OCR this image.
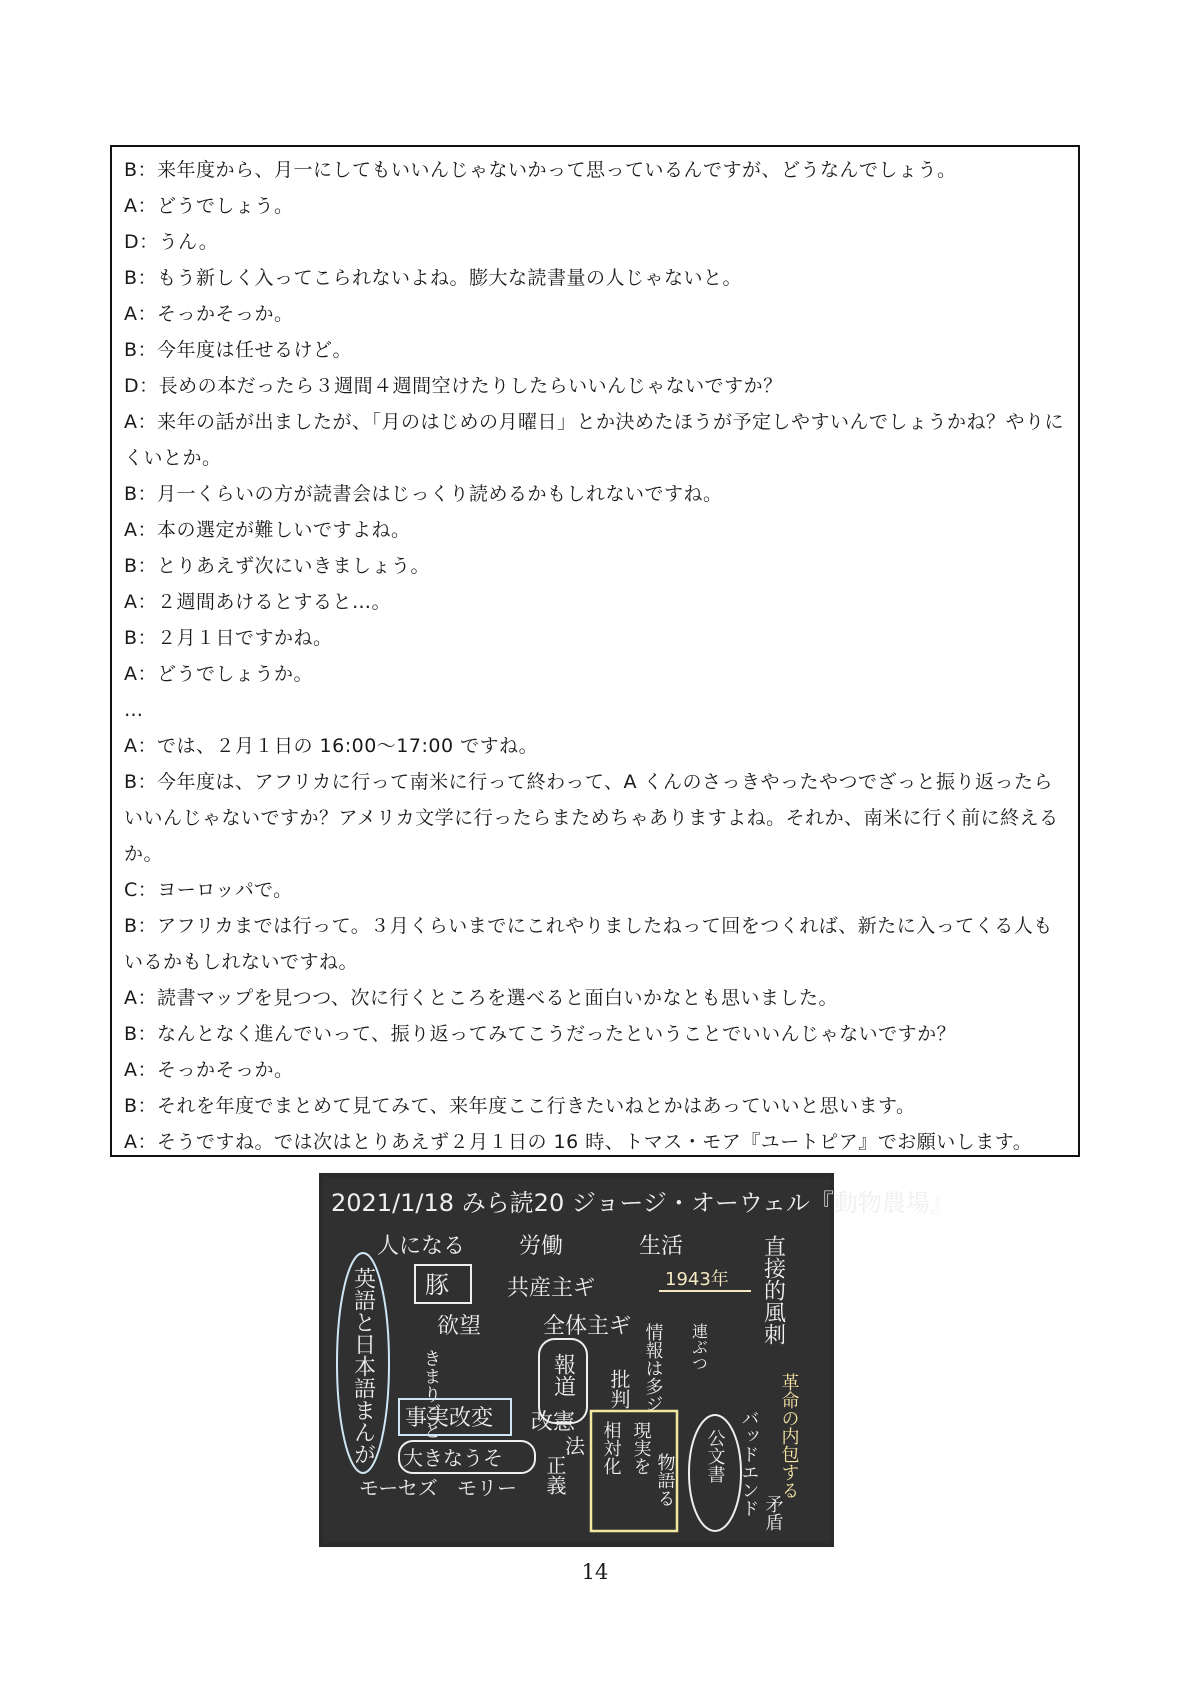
B：来年度から、月一にしてもいいんじゃないかって思っているんですが、どうなんでしょう。
A：どうでしょう。
D：うん。
B：もう新しく入ってこられないよね。膨大な読書量の人じゃないと。
A：そっかそっか。
B：今年度は任せるけど。
D：長めの本だったら３週間４週間空けたりしたらいいんじゃないですか？
A：来年の話が出ましたが、「月のはじめの月曜日」とか決めたほうが予定しやすいんでしょうかね？やりにくいとか。
B：月一くらいの方が読書会はじっくり読めるかもしれないですね。
A：本の選定が難しいですよね。
B：とりあえず次にいきましょう。
A：２週間あけるとすると…。
B：２月１日ですかね。
A：どうでしょうか。
…
A：では、２月１日の 16:00〜17:00 ですね。
B：今年度は、アフリカに行って南米に行って終わって、A くんのさっきやったやつでざっと振り返ったらいいんじゃないですか？アメリカ文学に行ったらまためちゃありますよね。それか、南米に行く前に終えるか。
C：ヨーロッパで。
B：アフリカまでは行って。３月くらいまでにこれやりましたねって回をつくれば、新たに入ってくる人もいるかもしれないですね。
A：読書マップを見つつ、次に行くところを選べると面白いかなとも思いました。
B：なんとなく進んでいって、振り返ってみてこうだったということでいいんじゃないですか？
A：そっかそっか。
B：それを年度でまとめて見てみて、来年度ここ行きたいねとかはあっていいと思います。
A：そうですね。では次はとりあえず２月１日の 16 時、トマス・モア『ユートピア』でお願いします。
2021/1/18 みら読20 ジョージ・オーウェル『動物農場』
人になる 労働	生活
豚	共産主ギ	1943年 直接的風刺
欲望	全体主ギ
英語と日本語まんが	きまりごと	報道	情報は多ジ 連ぶつ
批判	革命の内包する
バッドエンド 矛盾
事実改変 改憲 相対化 現実を
物語る 公文書
大きなうそ 正義
法
モーセズ モリー
14
